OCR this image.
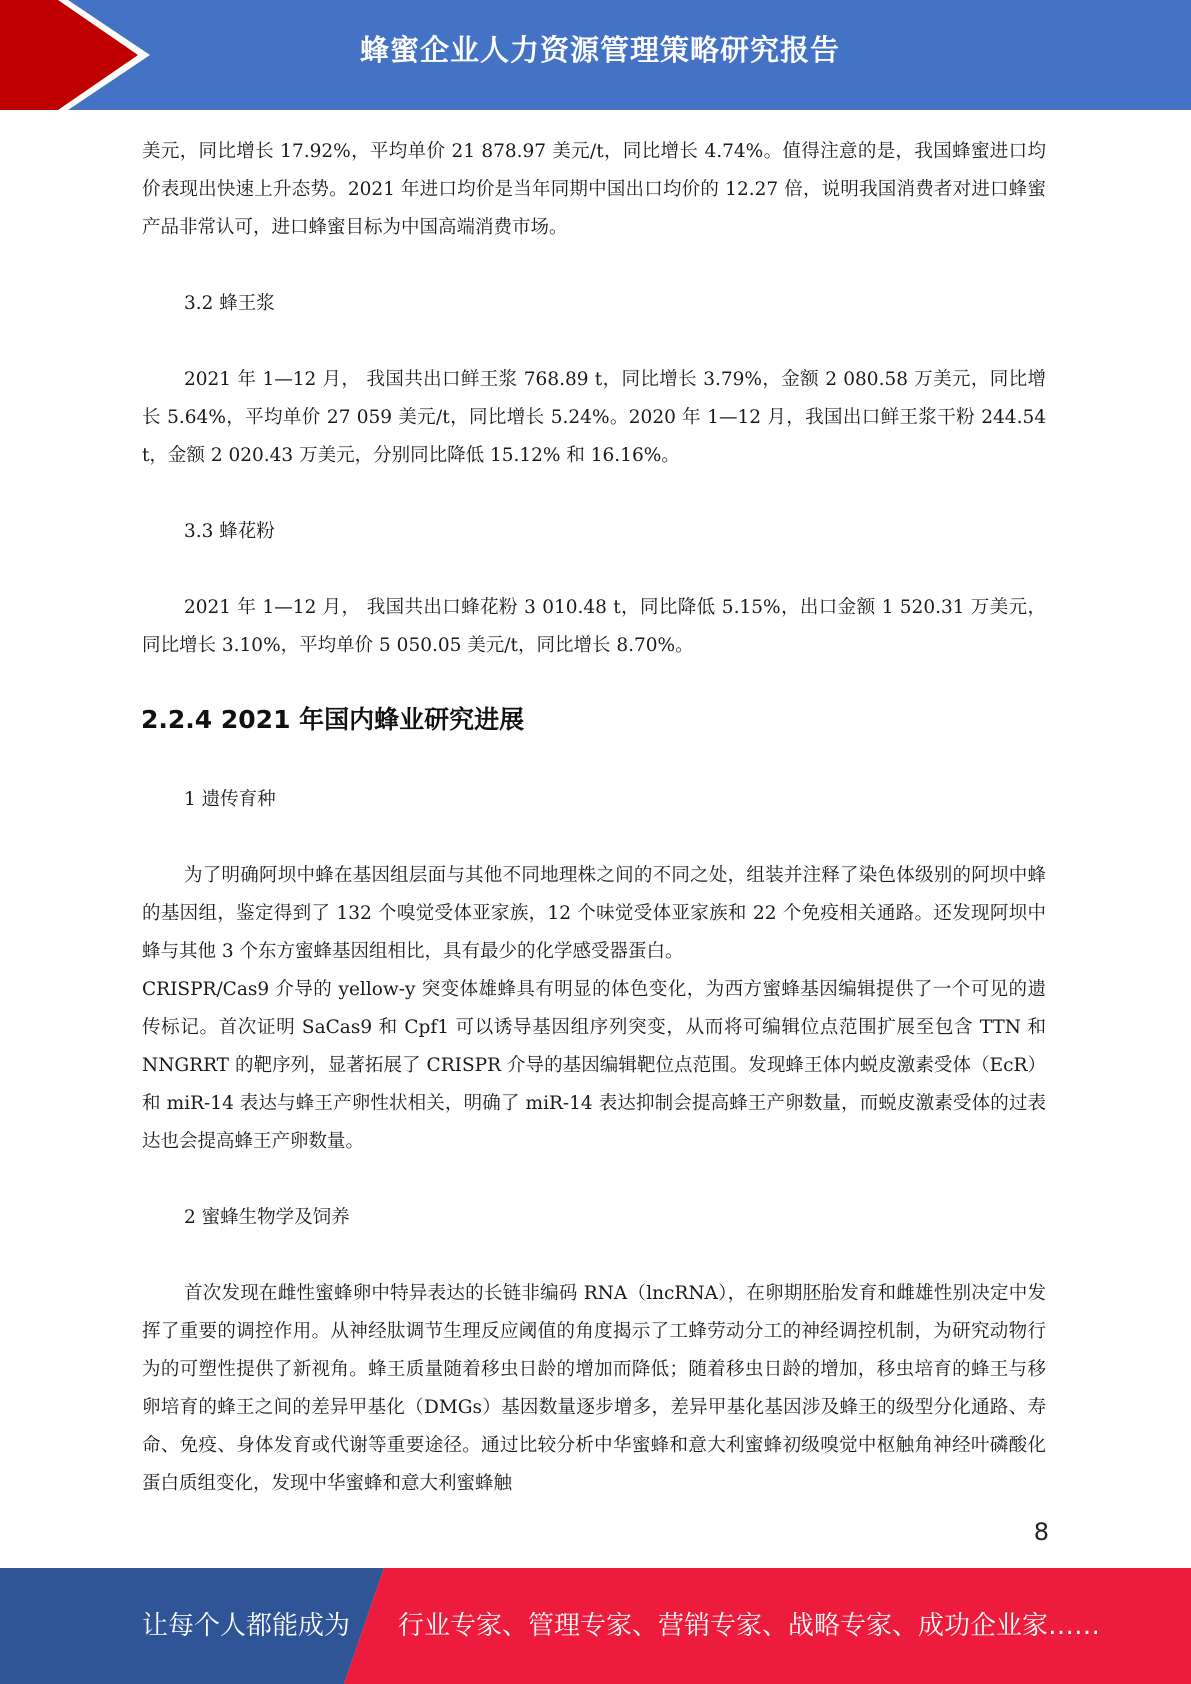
蜂蜜企业人力资源管理策略研究报告

美元，同比增长 17.92%，平均单价 21 878.97 美元/t，同比增长 4.74%。值得注意的是，我国蜂蜜进口均价表现出快速上升态势。2021 年进口均价是当年同期中国出口均价的 12.27 倍，说明我国消费者对进口蜂蜜产品非常认可，进口蜂蜜目标为中国高端消费市场。

3.2 蜂王浆

2021 年 1—12 月， 我国共出口鲜王浆 768.89 t，同比增长 3.79%，金额 2 080.58 万美元，同比增长 5.64%，平均单价 27 059 美元/t，同比增长 5.24%。2020 年 1—12 月，我国出口鲜王浆干粉 244.54 t，金额 2 020.43 万美元，分别同比降低 15.12% 和 16.16%。

3.3 蜂花粉

2021 年 1—12 月， 我国共出口蜂花粉 3 010.48 t，同比降低 5.15%，出口金额 1 520.31 万美元，同比增长 3.10%，平均单价 5 050.05 美元/t，同比增长 8.70%。

2.2.4 2021 年国内蜂业研究进展

1 遗传育种

为了明确阿坝中蜂在基因组层面与其他不同地理株之间的不同之处，组装并注释了染色体级别的阿坝中蜂的基因组，鉴定得到了 132 个嗅觉受体亚家族，12 个味觉受体亚家族和 22 个免疫相关通路。还发现阿坝中蜂与其他 3 个东方蜜蜂基因组相比，具有最少的化学感受器蛋白。

CRISPR/Cas9 介导的 yellow-y 突变体雄蜂具有明显的体色变化，为西方蜜蜂基因编辑提供了一个可见的遗传标记。首次证明 SaCas9 和 Cpf1 可以诱导基因组序列突变，从而将可编辑位点范围扩展至包含 TTN 和 NNGRRT 的靶序列，显著拓展了 CRISPR 介导的基因编辑靶位点范围。发现蜂王体内蜕皮激素受体（EcR）和 miR-14 表达与蜂王产卵性状相关，明确了 miR-14 表达抑制会提高蜂王产卵数量，而蜕皮激素受体的过表达也会提高蜂王产卵数量。

2 蜜蜂生物学及饲养

首次发现在雌性蜜蜂卵中特异表达的长链非编码 RNA（lncRNA），在卵期胚胎发育和雌雄性别决定中发挥了重要的调控作用。从神经肽调节生理反应阈值的角度揭示了工蜂劳动分工的神经调控机制，为研究动物行为的可塑性提供了新视角。蜂王质量随着移虫日龄的增加而降低；随着移虫日龄的增加，移虫培育的蜂王与移卵培育的蜂王之间的差异甲基化（DMGs）基因数量逐步增多，差异甲基化基因涉及蜂王的级型分化通路、寿命、免疫、身体发育或代谢等重要途径。通过比较分析中华蜜蜂和意大利蜜蜂初级嗅觉中枢触角神经叶磷酸化蛋白质组变化，发现中华蜜蜂和意大利蜜蜂触

8
让每个人都能成为 行业专家、管理专家、营销专家、战略专家、成功企业家……
